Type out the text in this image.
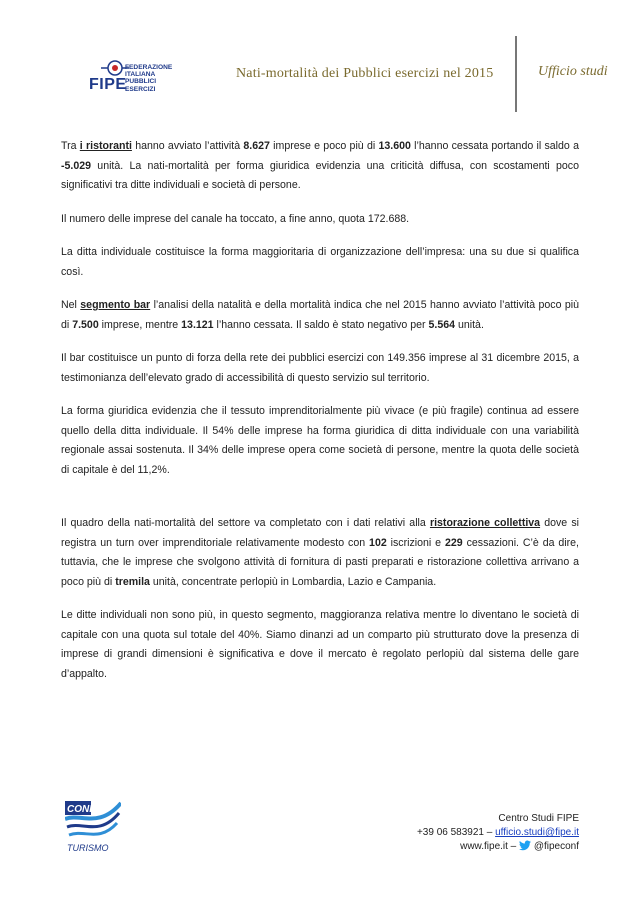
FIPE
FEDERAZIONE
ITALIANA
PUBBLICI
ESERCIZI
Nati-mortalità dei Pubblici esercizi nel 2015	Ufficio studi

Tra i ristoranti hanno avviato l’attività 8.627 imprese e poco più di 13.600 l’hanno cessata portando il saldo a -5.029 unità. La nati-mortalità per forma giuridica evidenzia una criticità diffusa, con scostamenti poco significativi tra ditte individuali e società di persone.

Il numero delle imprese del canale ha toccato, a fine anno, quota 172.688.

La ditta individuale costituisce la forma maggioritaria di organizzazione dell’impresa: una su due si qualifica così.

Nel segmento bar l’analisi della natalità e della mortalità indica che nel 2015 hanno avviato l’attività poco più di 7.500 imprese, mentre 13.121 l’hanno cessata. Il saldo è stato negativo per 5.564 unità.

Il bar costituisce un punto di forza della rete dei pubblici esercizi con 149.356 imprese al 31 dicembre 2015, a testimonianza dell’elevato grado di accessibilità di questo servizio sul territorio.

La forma giuridica evidenzia che il tessuto imprenditorialmente più vivace (e più fragile) continua ad essere quello della ditta individuale. Il 54% delle imprese ha forma giuridica di ditta individuale con una variabilità regionale assai sostenuta. Il 34% delle imprese opera come società di persone, mentre la quota delle società di capitale è del 11,2%.

Il quadro della nati-mortalità del settore va completato con i dati relativi alla ristorazione collettiva dove si registra un turn over imprenditoriale relativamente modesto con 102 iscrizioni e 229 cessazioni. C’è da dire, tuttavia, che le imprese che svolgono attività di fornitura di pasti preparati e ristorazione collettiva arrivano a poco più di tremila unità, concentrate perlopiù in Lombardia, Lazio e Campania.

Le ditte individuali non sono più, in questo segmento, maggioranza relativa mentre lo diventano le società di capitale con una quota sul totale del 40%. Siamo dinanzi ad un comparto più strutturato dove la presenza di imprese di grandi dimensioni è significativa e dove il mercato è regolato perlopiù dal sistema delle gare d’appalto.

CONF
TURISMO
Centro Studi FIPE
+39 06 583921 – ufficio.studi@fipe.it
www.fipe.it –  @fipeconf
